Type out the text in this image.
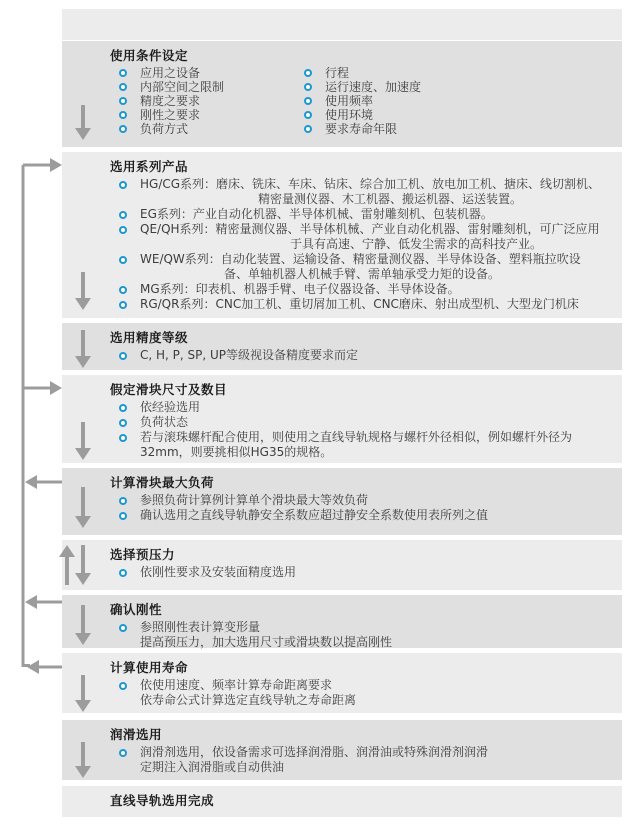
使用条件设定
应用之设备
内部空间之限制
精度之要求
刚性之要求
负荷方式
行程
运行速度、加速度
使用频率
使用环境
要求寿命年限
选用系列产品
HG/CG系列：磨床、铣床、车床、钻床、综合加工机、放电加工机、搪床、线切割机、
精密量测仪器、木工机器、搬运机器、运送装置。
EG系列：产业自动化机器、半导体机械、雷射雕刻机、包装机器。
QE/QH系列：精密量测仪器、半导体机械、产业自动化机器、雷射雕刻机，可广泛应用
于具有高速、宁静、低发尘需求的高科技产业。
WE/QW系列：自动化装置、运输设备、精密量测仪器、半导体设备、塑料瓶拉吹设
备、单轴机器人机械手臂、需单轴承受力矩的设备。
MG系列：印表机、机器手臂、电子仪器设备、半导体设备。
RG/QR系列：CNC加工机、重切屑加工机、CNC磨床、射出成型机、大型龙门机床
选用精度等级
C, H, P, SP, UP等级视设备精度要求而定
假定滑块尺寸及数目
依经验选用
负荷状态
若与滚珠螺杆配合使用，则使用之直线导轨规格与螺杆外径相似，例如螺杆外径为
32mm，则要挑相似HG35的规格。
计算滑块最大负荷
参照负荷计算例计算单个滑块最大等效负荷
确认选用之直线导轨静安全系数应超过静安全系数使用表所列之值
选择预压力
依刚性要求及安装面精度选用
确认刚性
参照刚性表计算变形量
提高预压力，加大选用尺寸或滑块数以提高刚性
计算使用寿命
依使用速度、频率计算寿命距离要求
依寿命公式计算选定直线导轨之寿命距离
润滑选用
润滑剂选用，依设备需求可选择润滑脂、润滑油或特殊润滑剂润滑
定期注入润滑脂或自动供油
直线导轨选用完成
